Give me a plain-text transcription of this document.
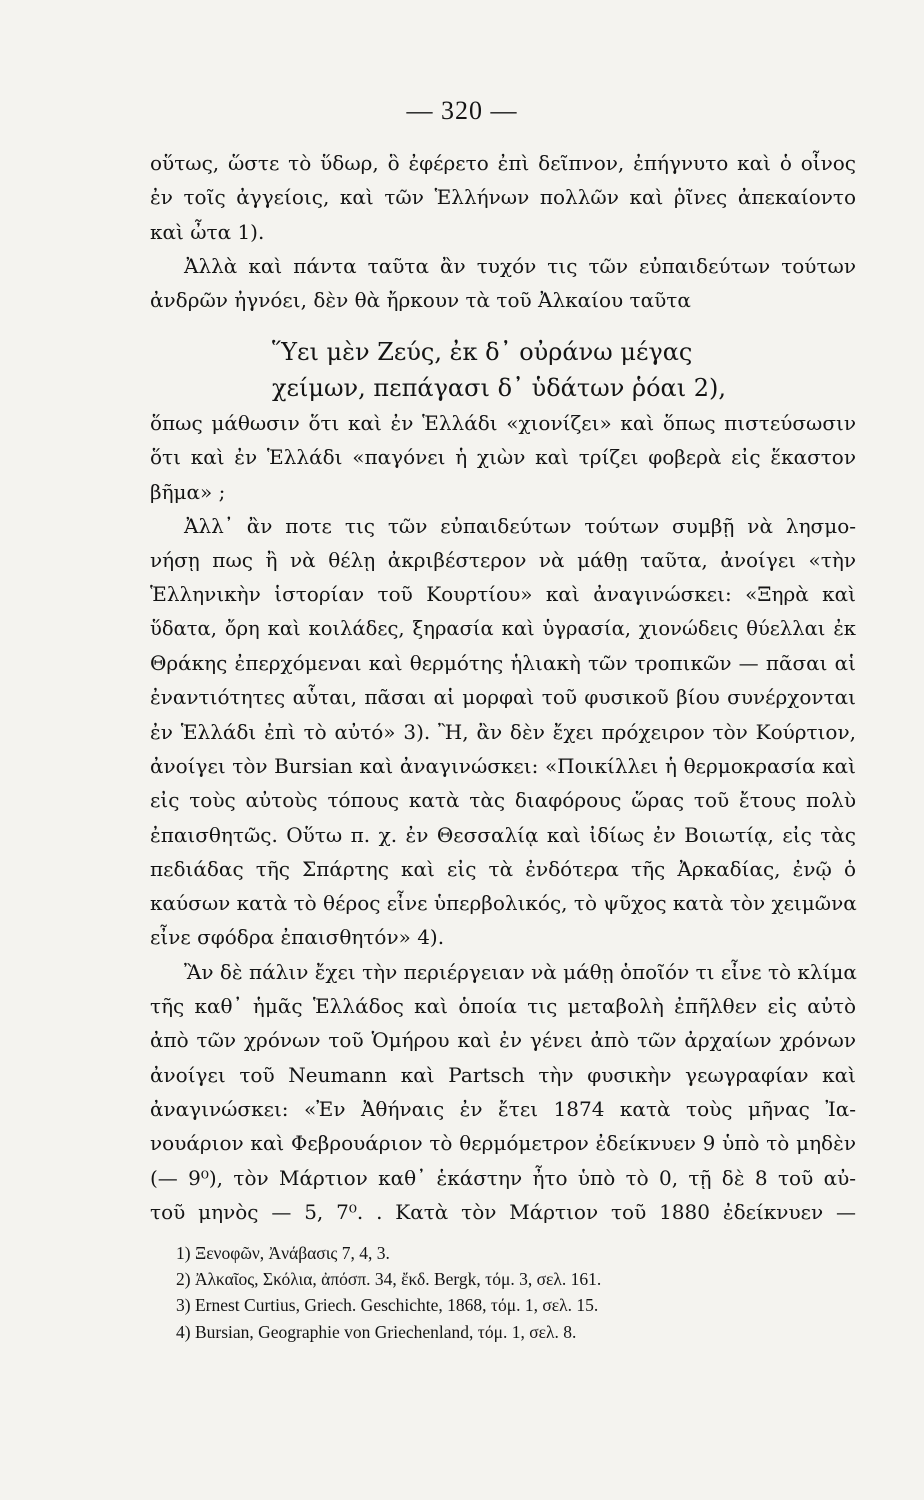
— 320 —
οὕτως, ὥστε τὸ ὕδωρ, ὃ ἐφέρετο ἐπὶ δεῖπνον, ἐπήγνυτο καὶ ὁ οἶνος
ἐν τοῖς ἀγγείοις, καὶ τῶν Ἑλλήνων πολλῶν καὶ ῥῖνες ἀπεκαίοντο
καὶ ὦτα 1).
Ἀλλὰ καὶ πάντα ταῦτα ἂν τυχόν τις τῶν εὐπαιδεύτων τούτων
ἀνδρῶν ἠγνόει, δὲν θὰ ἤρκουν τὰ τοῦ Ἀλκαίου ταῦτα
Ὕει μὲν Ζεύς, ἐκ δ᾽ οὐράνω μέγας
χείμων, πεπάγασι δ᾽ ὑδάτων ῥόαι 2),
ὅπως μάθωσιν ὅτι καὶ ἐν Ἑλλάδι «χιονίζει» καὶ ὅπως πιστεύσωσιν
ὅτι καὶ ἐν Ἑλλάδι «παγόνει ἡ χιὼν καὶ τρίζει φοβερὰ εἰς ἕκαστον
βῆμα» ;
Ἀλλ᾽ ἂν ποτε τις τῶν εὐπαιδεύτων τούτων συμβῇ νὰ λησμο-
νήσῃ πως ἢ νὰ θέλῃ ἀκριβέστερον νὰ μάθῃ ταῦτα, ἀνοίγει «τὴν
Ἑλληνικὴν ἱστορίαν τοῦ Κουρτίου» καὶ ἀναγινώσκει: «Ξηρὰ καὶ
ὕδατα, ὄρη καὶ κοιλάδες, ξηρασία καὶ ὑγρασία, χιονώδεις θύελλαι ἐκ
Θράκης ἐπερχόμεναι καὶ θερμότης ἡλιακὴ τῶν τροπικῶν — πᾶσαι αἱ
ἐναντιότητες αὗται, πᾶσαι αἱ μορφαὶ τοῦ φυσικοῦ βίου συνέρχονται
ἐν Ἑλλάδι ἐπὶ τὸ αὐτό» 3). Ἢ, ἂν δὲν ἔχει πρόχειρον τὸν Κούρτιον,
ἀνοίγει τὸν Bursian καὶ ἀναγινώσκει: «Ποικίλλει ἡ θερμοκρασία καὶ
εἰς τοὺς αὐτοὺς τόπους κατὰ τὰς διαφόρους ὥρας τοῦ ἔτους πολὺ
ἐπαισθητῶς. Οὕτω π. χ. ἐν Θεσσαλίᾳ καὶ ἰδίως ἐν Βοιωτίᾳ, εἰς τὰς
πεδιάδας τῆς Σπάρτης καὶ εἰς τὰ ἐνδότερα τῆς Ἀρκαδίας, ἐνῷ ὁ
καύσων κατὰ τὸ θέρος εἶνε ὑπερβολικός, τὸ ψῦχος κατὰ τὸν χειμῶνα
εἶνε σφόδρα ἐπαισθητόν» 4).
Ἂν δὲ πάλιν ἔχει τὴν περιέργειαν νὰ μάθῃ ὁποῖόν τι εἶνε τὸ κλίμα
τῆς καθ᾽ ἡμᾶς Ἑλλάδος καὶ ὁποία τις μεταβολὴ ἐπῆλθεν εἰς αὐτὸ
ἀπὸ τῶν χρόνων τοῦ Ὁμήρου καὶ ἐν γένει ἀπὸ τῶν ἀρχαίων χρόνων
ἀνοίγει τοῦ Neumann καὶ Partsch τὴν φυσικὴν γεωγραφίαν καὶ
ἀναγινώσκει: «Ἐν Ἀθήναις ἐν ἔτει 1874 κατὰ τοὺς μῆνας Ἰα-
νουάριον καὶ Φεβρουάριον τὸ θερμόμετρον ἐδείκνυεν 9 ὑπὸ τὸ μηδὲν
(— 9⁰), τὸν Μάρτιον καθ᾽ ἑκάστην ἦτο ὑπὸ τὸ 0, τῇ δὲ 8 τοῦ αὐ-
τοῦ μηνὸς — 5, 7⁰. . Κατὰ τὸν Μάρτιον τοῦ 1880 ἐδείκνυεν —
1) Ξενοφῶν, Ἀνάβασις 7, 4, 3.
2) Ἀλκαῖος, Σκόλια, ἀπόσπ. 34, ἔκδ. Bergk, τόμ. 3, σελ. 161.
3) Ernest Curtius, Griech. Geschichte, 1868, τόμ. 1, σελ. 15.
4) Bursian, Geographie von Griechenland, τόμ. 1, σελ. 8.
